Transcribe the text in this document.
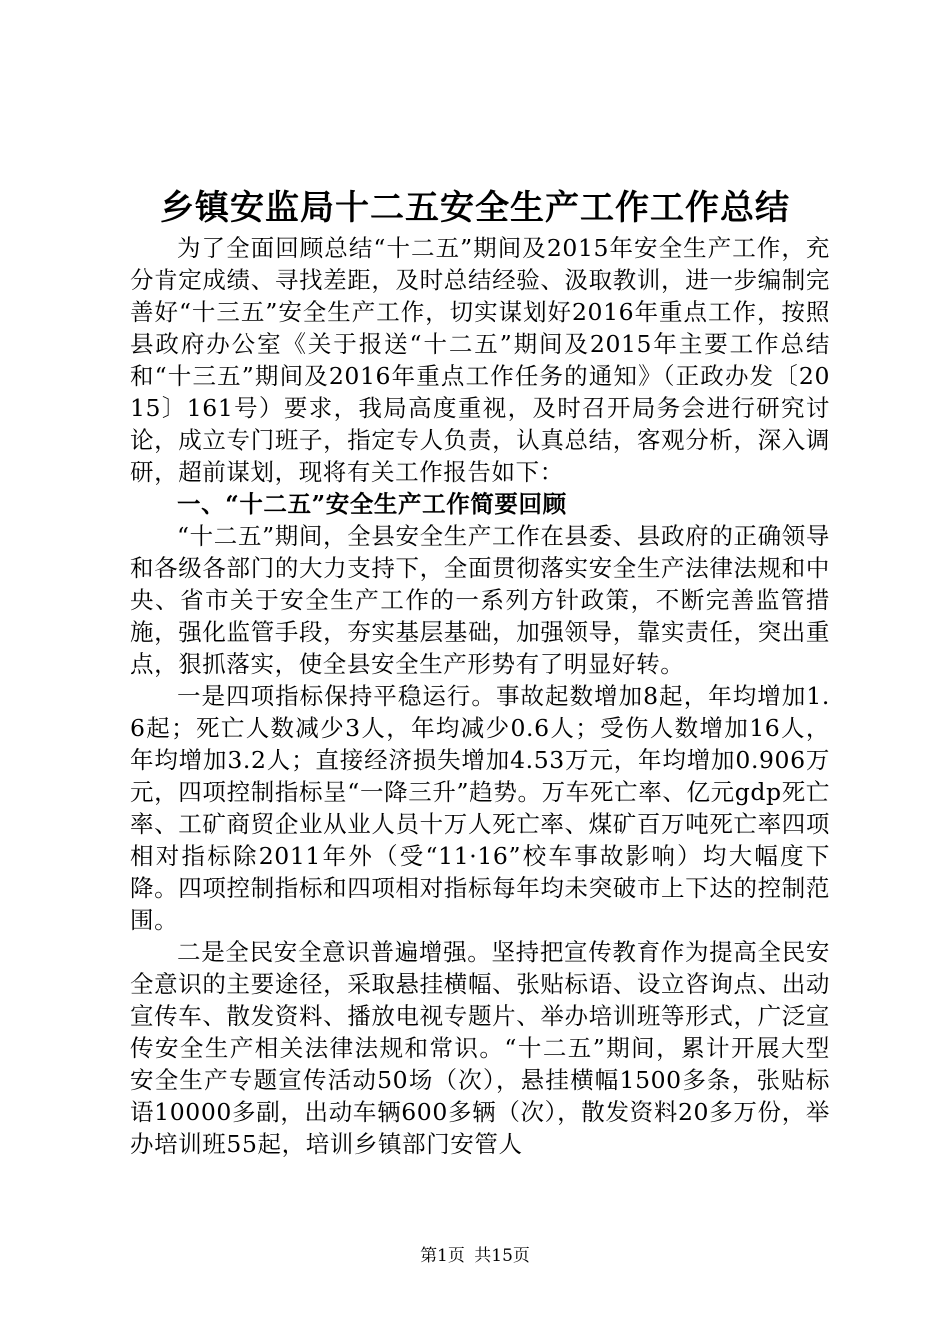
乡镇安监局十二五安全生产工作工作总结

为了全面回顾总结“十二五”期间及2015年安全生产工作，充分肯定成绩、寻找差距，及时总结经验、汲取教训，进一步编制完善好“十三五”安全生产工作，切实谋划好2016年重点工作，按照县政府办公室《关于报送“十二五”期间及2015年主要工作总结和“十三五”期间及2016年重点工作任务的通知》（正政办发〔2015〕161号）要求，我局高度重视，及时召开局务会进行研究讨论，成立专门班子，指定专人负责，认真总结，客观分析，深入调研，超前谋划，现将有关工作报告如下：

一、“十二五”安全生产工作简要回顾

“十二五”期间，全县安全生产工作在县委、县政府的正确领导和各级各部门的大力支持下，全面贯彻落实安全生产法律法规和中央、省市关于安全生产工作的一系列方针政策，不断完善监管措施，强化监管手段，夯实基层基础，加强领导，靠实责任，突出重点，狠抓落实，使全县安全生产形势有了明显好转。

一是四项指标保持平稳运行。事故起数增加8起，年均增加1.6起；死亡人数减少3人，年均减少0.6人；受伤人数增加16人，年均增加3.2人；直接经济损失增加4.53万元，年均增加0.906万元，四项控制指标呈“一降三升”趋势。万车死亡率、亿元gdp死亡率、工矿商贸企业从业人员十万人死亡率、煤矿百万吨死亡率四项相对指标除2011年外（受“11·16”校车事故影响）均大幅度下降。四项控制指标和四项相对指标每年均未突破市上下达的控制范围。

二是全民安全意识普遍增强。坚持把宣传教育作为提高全民安全意识的主要途径，采取悬挂横幅、张贴标语、设立咨询点、出动宣传车、散发资料、播放电视专题片、举办培训班等形式，广泛宣传安全生产相关法律法规和常识。“十二五”期间，累计开展大型安全生产专题宣传活动50场（次），悬挂横幅1500多条，张贴标语10000多副，出动车辆600多辆（次），散发资料20多万份，举办培训班55起，培训乡镇部门安管人

第1页 共15页
